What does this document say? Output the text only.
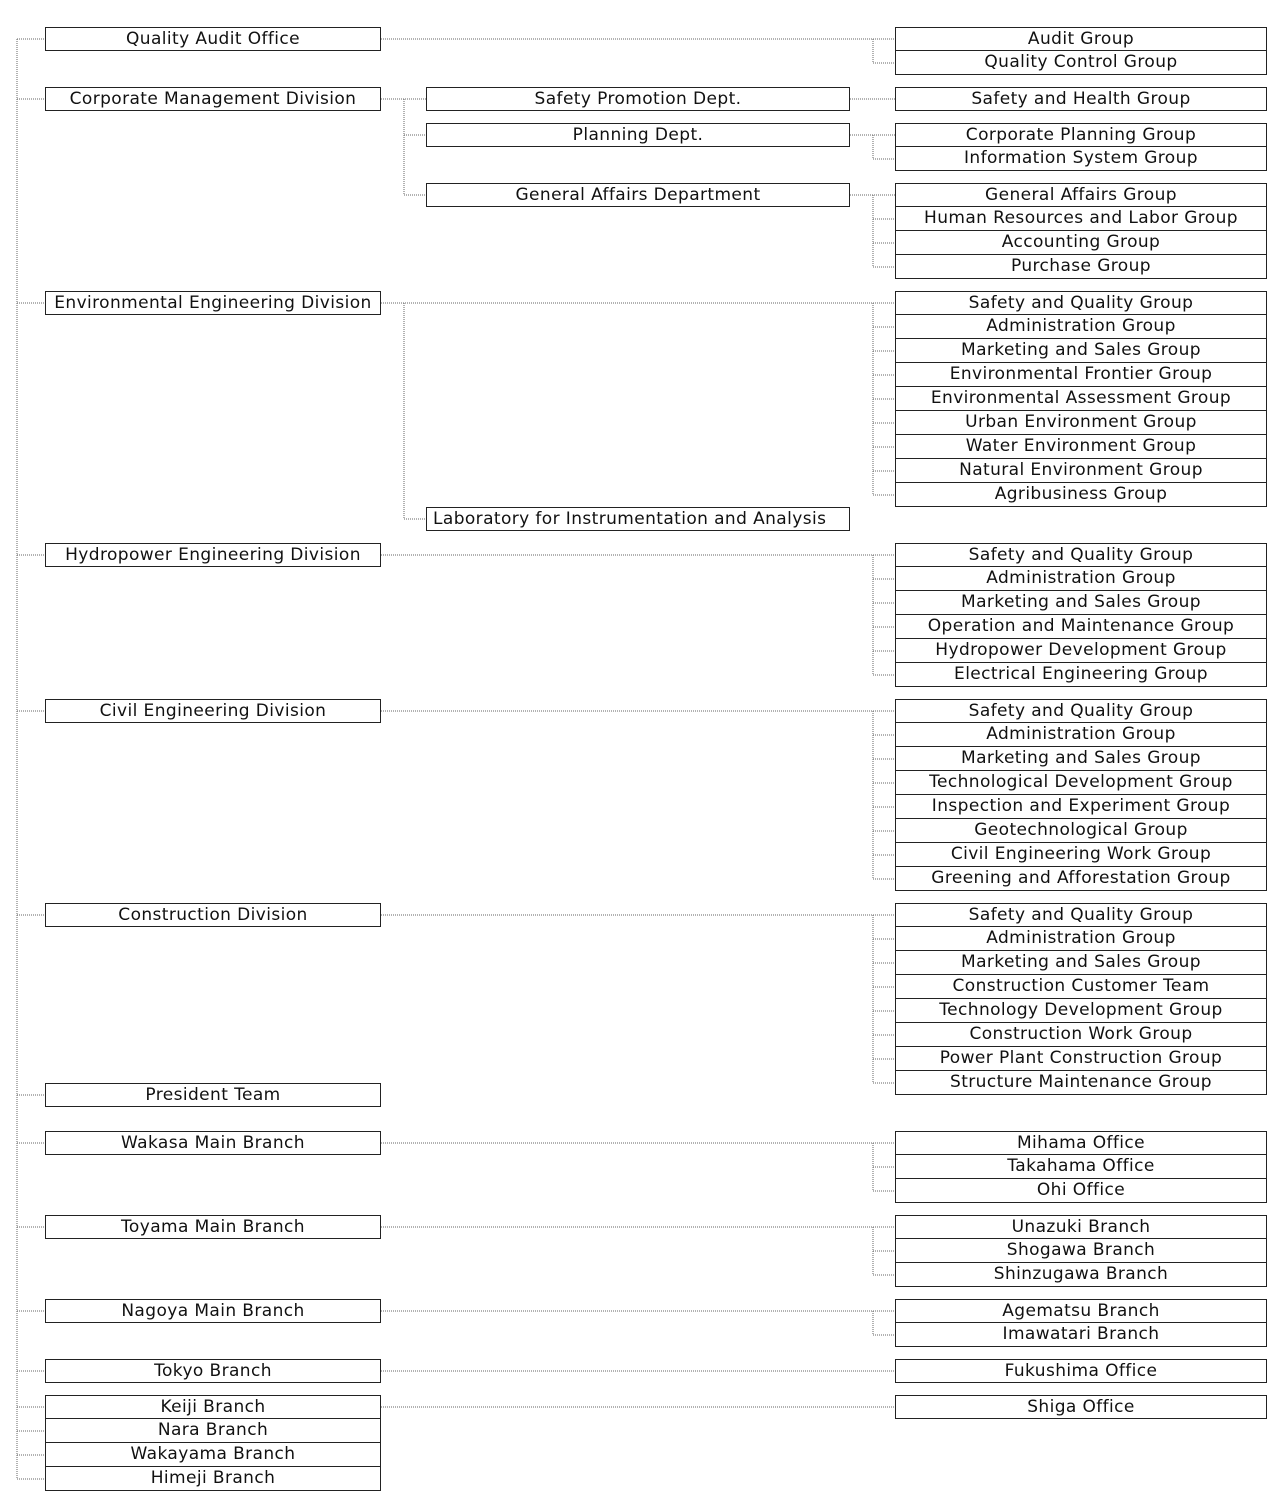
Quality Audit Office	Audit Group
Quality Control Group
Corporate Management Division	Safety Promotion Dept.	Safety and Health Group
Planning Dept.	Corporate Planning Group
Information System Group
General Affairs Department	General Affairs Group
Human Resources and Labor Group
Accounting Group
Purchase Group
Environmental Engineering Division	Safety and Quality Group
Administration Group
Marketing and Sales Group
Environmental Frontier Group
Environmental Assessment Group
Urban Environment Group
Water Environment Group
Natural Environment Group
Agribusiness Group
Laboratory for Instrumentation and Analysis
Hydropower Engineering Division	Safety and Quality Group
Administration Group
Marketing and Sales Group
Operation and Maintenance Group
Hydropower Development Group
Electrical Engineering Group
Civil Engineering Division	Safety and Quality Group
Administration Group
Marketing and Sales Group
Technological Development Group
Inspection and Experiment Group
Geotechnological Group
Civil Engineering Work Group
Greening and Afforestation Group
Construction Division	Safety and Quality Group
Administration Group
Marketing and Sales Group
Construction Customer Team
Technology Development Group
Construction Work Group
Power Plant Construction Group
Structure Maintenance Group
President Team
Wakasa Main Branch	Mihama Office
Takahama Office
Ohi Office
Toyama Main Branch	Unazuki Branch
Shogawa Branch
Shinzugawa Branch
Nagoya Main Branch	Agematsu Branch
Imawatari Branch
Tokyo Branch	Fukushima Office
Keiji Branch
Nara Branch
Wakayama Branch
Himeji Branch
Shiga Office
